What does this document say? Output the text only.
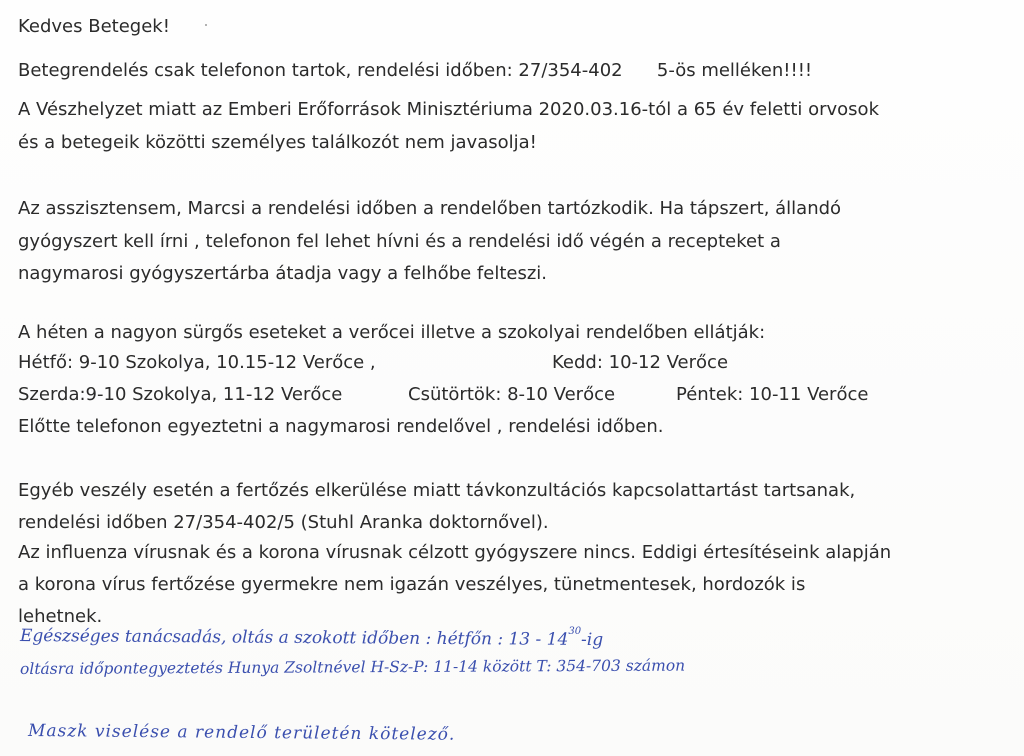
Kedves Betegek!
Betegrendelés csak telefonon tartok, rendelési időben: 27/354-402      5-ös melléken!!!!
A Vészhelyzet miatt az Emberi Erőforrások Minisztériuma 2020.03.16-tól a 65 év feletti orvosok
és a betegeik közötti személyes találkozót nem javasolja!
Az asszisztensem, Marcsi a rendelési időben a rendelőben tartózkodik. Ha tápszert, állandó
gyógyszert kell írni , telefonon fel lehet hívni és a rendelési idő végén a recepteket a
nagymarosi gyógyszertárba átadja vagy a felhőbe felteszi.
A héten a nagyon sürgős eseteket a verőcei illetve a szokolyai rendelőben ellátják:
Hétfő: 9-10 Szokolya, 10.15-12 Verőce ,	Kedd: 10-12 Verőce
Szerda:9-10 Szokolya, 11-12 Verőce	Csütörtök: 8-10 Verőce	Péntek: 10-11 Verőce
Előtte telefonon egyeztetni a nagymarosi rendelővel , rendelési időben.
Egyéb veszély esetén a fertőzés elkerülése miatt távkonzultációs kapcsolattartást tartsanak,
rendelési időben 27/354-402/5 (Stuhl Aranka doktornővel).
Az influenza vírusnak és a korona vírusnak célzott gyógyszere nincs. Eddigi értesítéseink alapján
a korona vírus fertőzése gyermekre nem igazán veszélyes, tünetmentesek, hordozók is
lehetnek.
Egészséges tanácsadás, oltás a szokott időben : hétfőn : $13 - 14^{30}-ig$
oltásra időpontegyeztetés Hunya Zsoltnével H-Sz-P: 11-14 között T: 354-703 számon
Maszk viselése a rendelő területén kötelező.
